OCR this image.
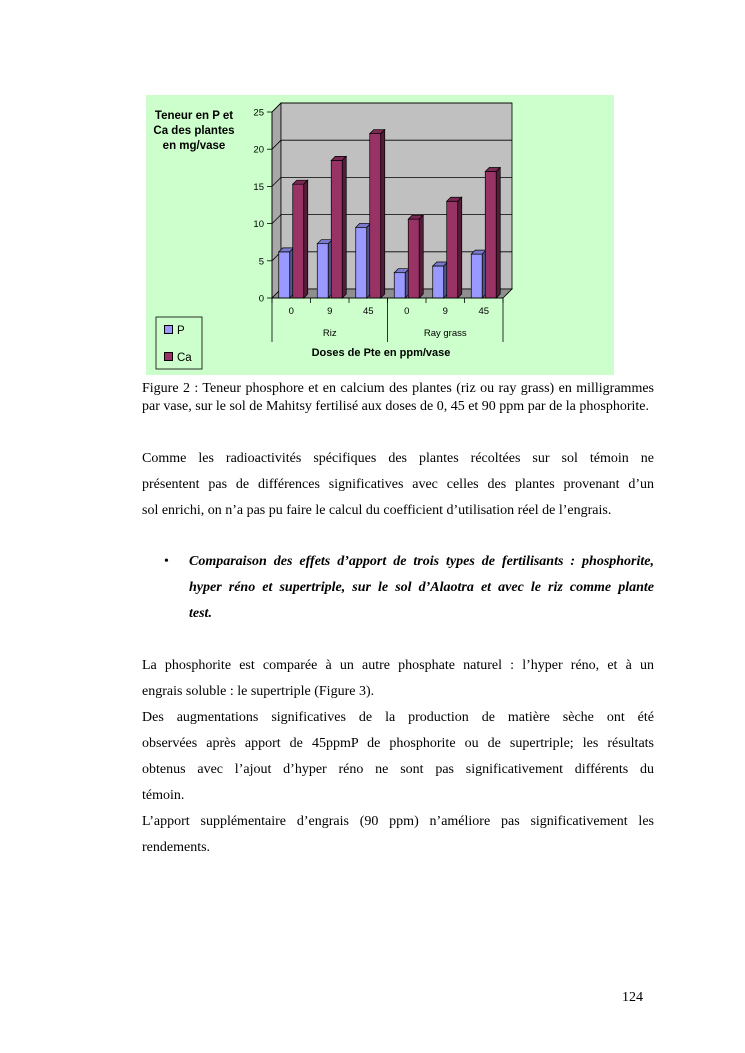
0
5
10
15
20
25
0	9	45	0	9	45
Riz	Ray grass
Teneur en P et Ca des plantes en mg/vase
Doses de Pte en ppm/vase
P
Ca
Figure 2 : Teneur phosphore et en calcium des plantes (riz ou ray grass) en milligrammes par vase, sur le sol de Mahitsy fertilisé aux doses de 0, 45 et 90 ppm par de la phosphorite.
Comme les radioactivités spécifiques des plantes récoltées sur sol témoin ne
présentent pas de différences significatives avec celles des plantes provenant d’un
sol enrichi, on n’a pas pu faire le calcul du coefficient d’utilisation réel de l’engrais.
• Comparaison des effets d’apport de trois types de fertilisants : phosphorite,
hyper réno et supertriple, sur le sol d’Alaotra et avec le riz comme plante
test.
La phosphorite est comparée à un autre phosphate naturel : l’hyper réno, et à un
engrais soluble : le supertriple (Figure 3).
Des augmentations significatives de la production de matière sèche ont été
observées après apport de 45ppmP de phosphorite ou de supertriple; les résultats
obtenus avec l’ajout d’hyper réno ne sont pas significativement différents du
témoin.
L’apport supplémentaire d’engrais (90 ppm) n’améliore pas significativement les
rendements.
124
